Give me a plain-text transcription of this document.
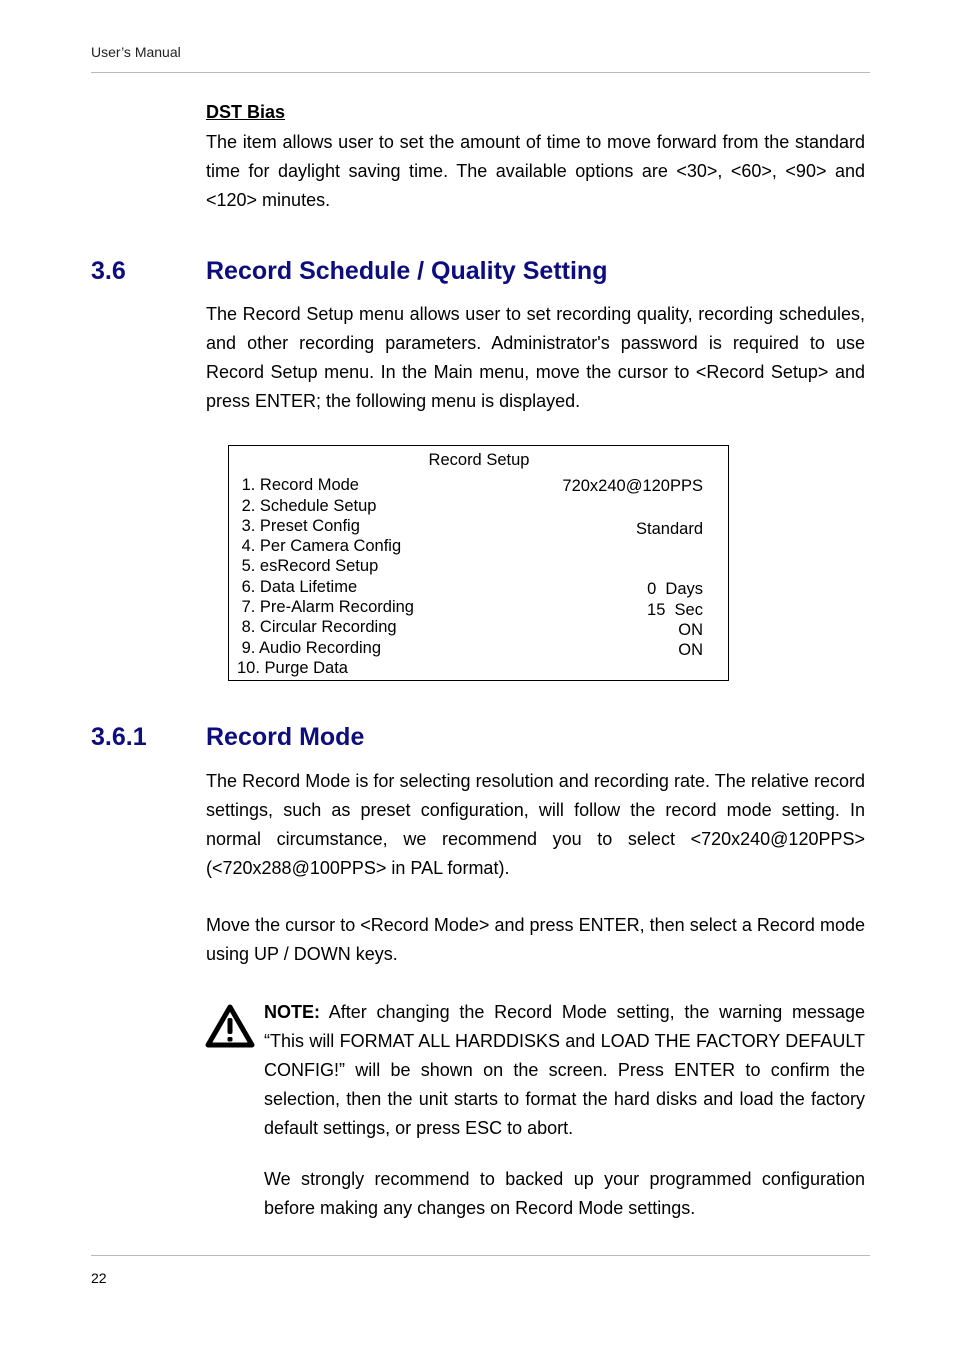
User’s Manual
DST Bias
The item allows user to set the amount of time to move forward from the standard time for daylight saving time. The available options are <30>, <60>, <90> and <120> minutes.
3.6	Record Schedule / Quality Setting
The Record Setup menu allows user to set recording quality, recording schedules, and other recording parameters. Administrator's password is required to use Record Setup menu. In the Main menu, move the cursor to <Record Setup> and press ENTER; the following menu is displayed.
Record Setup
1. Record Mode
2. Schedule Setup
3. Preset Config
4. Per Camera Config
5. esRecord Setup
6. Data Lifetime
7. Pre-Alarm Recording
8. Circular Recording
9. Audio Recording
10. Purge Data
720x240@120PPS
Standard
0  Days
15  Sec
ON
ON
3.6.1 Record Mode
The Record Mode is for selecting resolution and recording rate. The relative record settings, such as preset configuration, will follow the record mode setting. In normal circumstance, we recommend you to select <720x240@120PPS> (<720x288@100PPS> in PAL format).
Move the cursor to <Record Mode> and press ENTER, then select a Record mode using UP / DOWN keys.
NOTE: After changing the Record Mode setting, the warning message “This will FORMAT ALL HARDDISKS and LOAD THE FACTORY DEFAULT CONFIG!” will be shown on the screen. Press ENTER to confirm the selection, then the unit starts to format the hard disks and load the factory default settings, or press ESC to abort.
We strongly recommend to backed up your programmed configuration before making any changes on Record Mode settings.
22
